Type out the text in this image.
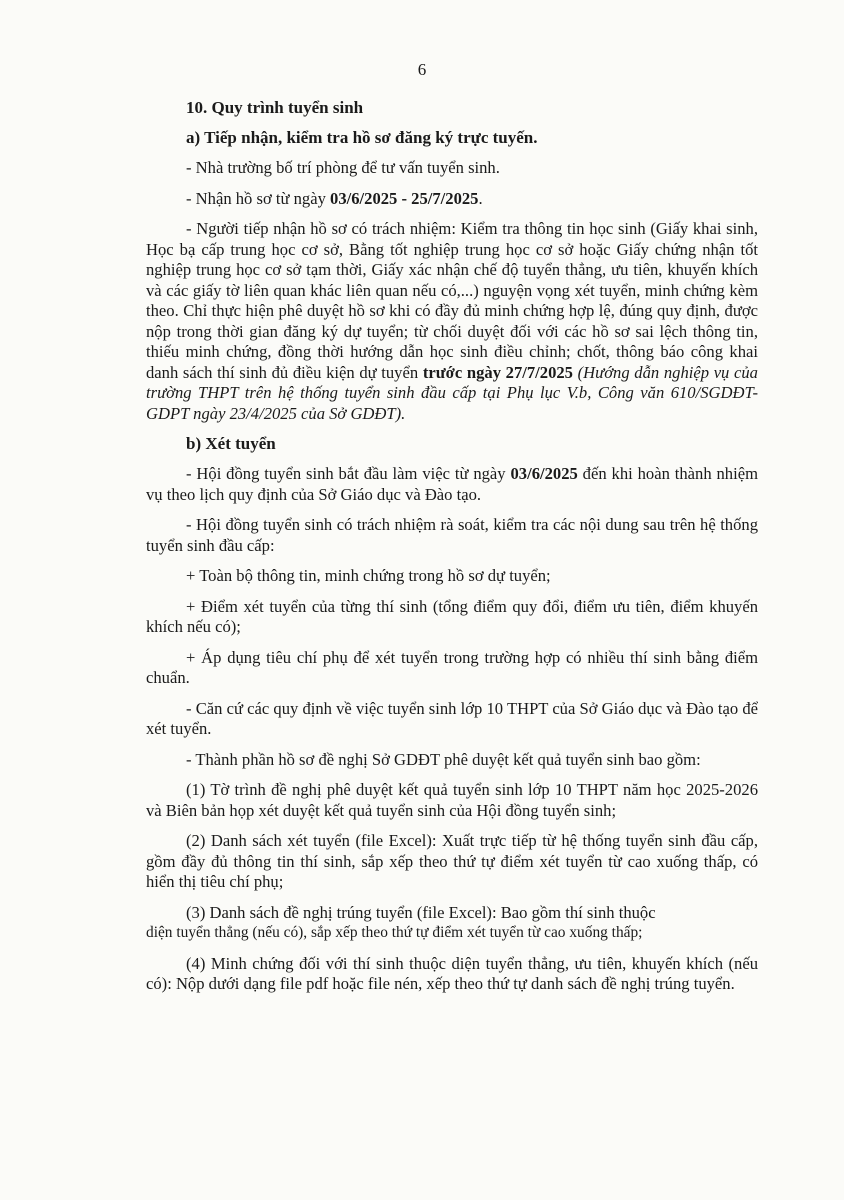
6
10. Quy trình tuyển sinh
a) Tiếp nhận, kiểm tra hồ sơ đăng ký trực tuyến.

- Nhà trường bố trí phòng để tư vấn tuyển sinh.

- Nhận hồ sơ từ ngày 03/6/2025 - 25/7/2025.

- Người tiếp nhận hồ sơ có trách nhiệm: Kiểm tra thông tin học sinh (Giấy khai sinh, Học bạ cấp trung học cơ sở, Bằng tốt nghiệp trung học cơ sở hoặc Giấy chứng nhận tốt nghiệp trung học cơ sở tạm thời, Giấy xác nhận chế độ tuyển thẳng, ưu tiên, khuyến khích và các giấy tờ liên quan khác liên quan nếu có,...) nguyện vọng xét tuyển, minh chứng kèm theo. Chỉ thực hiện phê duyệt hồ sơ khi có đầy đủ minh chứng hợp lệ, đúng quy định, được nộp trong thời gian đăng ký dự tuyển; từ chối duyệt đối với các hồ sơ sai lệch thông tin, thiếu minh chứng, đồng thời hướng dẫn học sinh điều chỉnh; chốt, thông báo công khai danh sách thí sinh đủ điều kiện dự tuyển trước ngày 27/7/2025 (Hướng dẫn nghiệp vụ của trường THPT trên hệ thống tuyển sinh đầu cấp tại Phụ lục V.b, Công văn 610/SGDĐT-GDPT ngày 23/4/2025 của Sở GDĐT).

b) Xét tuyển

- Hội đồng tuyển sinh bắt đầu làm việc từ ngày 03/6/2025 đến khi hoàn thành nhiệm vụ theo lịch quy định của Sở Giáo dục và Đào tạo.

- Hội đồng tuyển sinh có trách nhiệm rà soát, kiểm tra các nội dung sau trên hệ thống tuyển sinh đầu cấp:

+ Toàn bộ thông tin, minh chứng trong hồ sơ dự tuyển;

+ Điểm xét tuyển của từng thí sinh (tổng điểm quy đổi, điểm ưu tiên, điểm khuyến khích nếu có);

+ Áp dụng tiêu chí phụ để xét tuyển trong trường hợp có nhiều thí sinh bằng điểm chuẩn.

- Căn cứ các quy định về việc tuyển sinh lớp 10 THPT của Sở Giáo dục và Đào tạo để xét tuyển.

- Thành phần hồ sơ đề nghị Sở GDĐT phê duyệt kết quả tuyển sinh bao gồm:

(1) Tờ trình đề nghị phê duyệt kết quả tuyển sinh lớp 10 THPT năm học 2025-2026 và Biên bản họp xét duyệt kết quả tuyển sinh của Hội đồng tuyển sinh;

(2) Danh sách xét tuyển (file Excel): Xuất trực tiếp từ hệ thống tuyển sinh đầu cấp, gồm đầy đủ thông tin thí sinh, sắp xếp theo thứ tự điểm xét tuyển từ cao xuống thấp, có hiển thị tiêu chí phụ;

(3) Danh sách đề nghị trúng tuyển (file Excel): Bao gồm thí sinh thuộc
diện tuyển thẳng (nếu có), sắp xếp theo thứ tự điểm xét tuyển từ cao xuống thấp;

(4) Minh chứng đối với thí sinh thuộc diện tuyển thẳng, ưu tiên, khuyến khích (nếu có): Nộp dưới dạng file pdf hoặc file nén, xếp theo thứ tự danh sách đề nghị trúng tuyển.
